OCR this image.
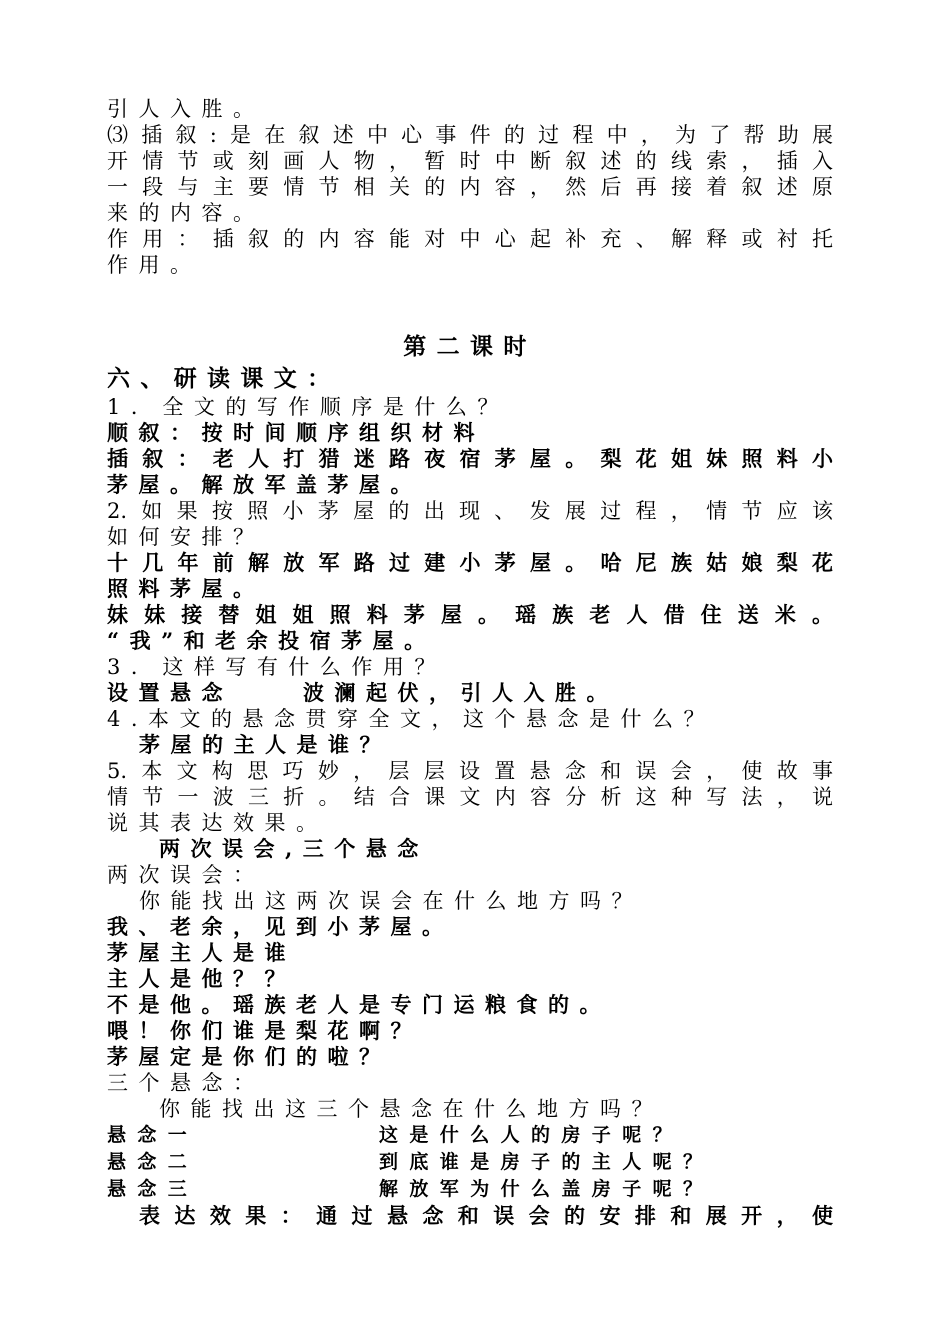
引人入胜。
⑶插叙:是在叙述中心事件的过程中，为了帮助展
开情节或刻画人物，暂时中断叙述的线索，插入
一段与主要情节相关的内容，然后再接着叙述原
来的内容。
作用：插叙的内容能对中心起补充、解释或衬托
作用。
第二课时
六、研读课文：
1．全文的写作顺序是什么？
顺叙：按时间顺序组织材料
插叙：老人打猎迷路夜宿茅屋。梨花姐妹照料小
茅屋。解放军盖茅屋。
2.如果按照小茅屋的出现、发展过程，情节应该
如何安排？
十几年前解放军路过建小茅屋。哈尼族姑娘梨花
照料茅屋。
妹妹接替姐姐照料茅屋。瑶族老人借住送米。
“我”和老余投宿茅屋。
3．这样写有什么作用？
设置悬念	波澜起伏，引人入胜。
4.本文的悬念贯穿全文，这个悬念是什么？
茅屋的主人是谁？
5.本文构思巧妙，层层设置悬念和误会，使故事
情节一波三折。结合课文内容分析这种写法，说
说其表达效果。
两次误会,三个悬念
两次误会：
你能找出这两次误会在什么地方吗？
我、老余，见到小茅屋。
茅屋主人是谁
主人是他？？
不是他。瑶族老人是专门运粮食的。
喂！你们谁是梨花啊？
茅屋定是你们的啦？
三个悬念：
你能找出这三个悬念在什么地方吗？
悬念一	这是什么人的房子呢？
悬念二	到底谁是房子的主人呢？
悬念三	解放军为什么盖房子呢？
表达效果：通过悬念和误会的安排和展开，使
